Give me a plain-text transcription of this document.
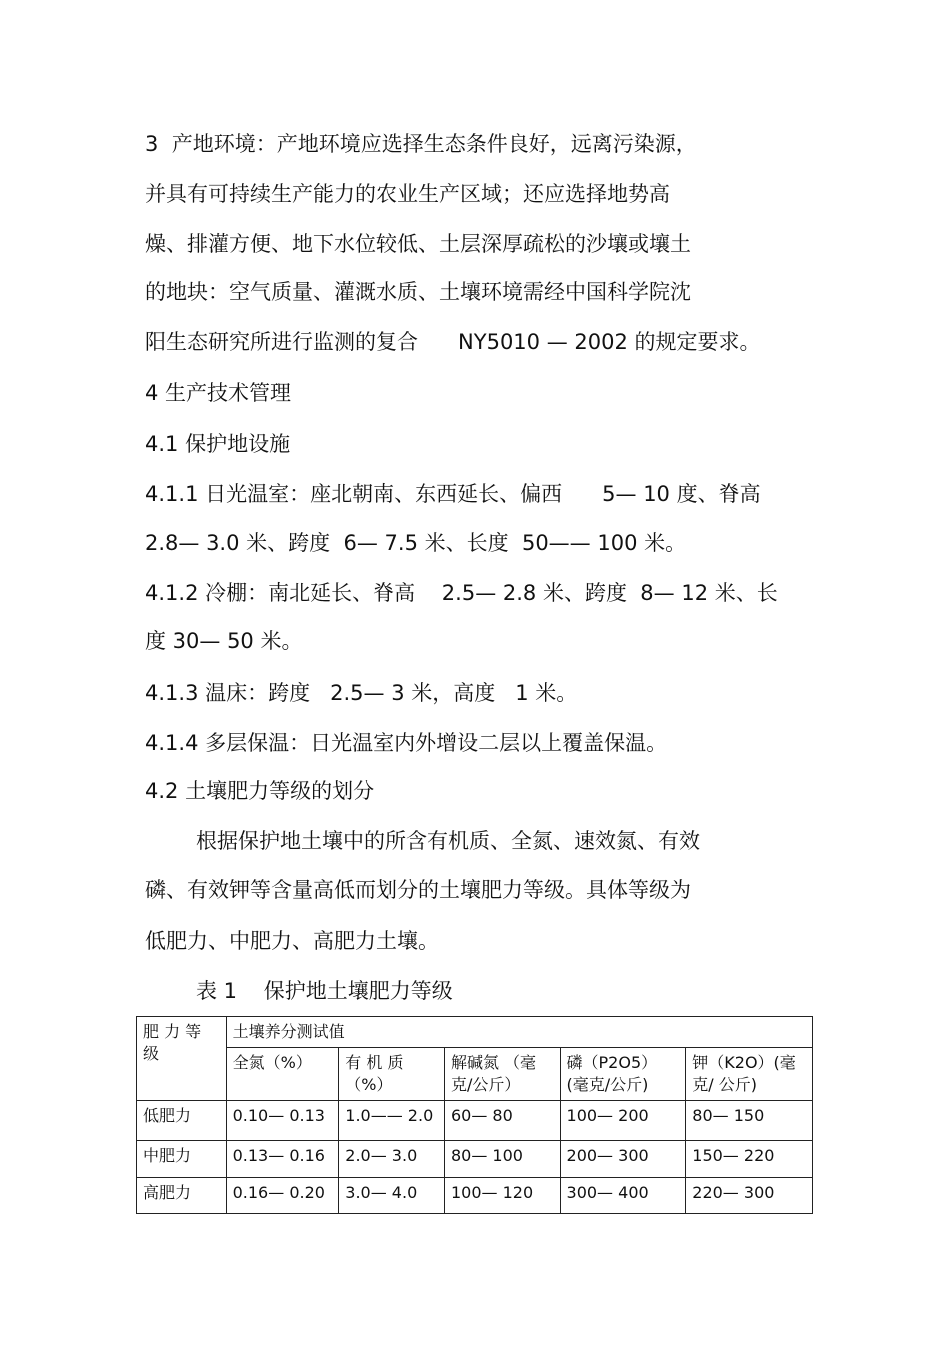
3  产地环境：产地环境应选择生态条件良好，远离污染源，
并具有可持续生产能力的农业生产区域；还应选择地势高
燥、排灌方便、地下水位较低、土层深厚疏松的沙壤或壤土
的地块：空气质量、灌溉水质、土壤环境需经中国科学院沈
阳生态研究所进行监测的复合      NY5010 — 2002 的规定要求。
4 生产技术管理
4.1 保护地设施
4.1.1 日光温室：座北朝南、东西延长、偏西      5— 10 度、脊高
2.8— 3.0 米、跨度  6— 7.5 米、长度  50—— 100 米。
4.1.2 冷棚：南北延长、脊高    2.5— 2.8 米、跨度  8— 12 米、长
度 30— 50 米。
4.1.3 温床：跨度   2.5— 3 米，高度   1 米。
4.1.4 多层保温：日光温室内外增设二层以上覆盖保温。
4.2 土壤肥力等级的划分
根据保护地土壤中的所含有机质、全氮、速效氮、有效
磷、有效钾等含量高低而划分的土壤肥力等级。具体等级为
低肥力、中肥力、高肥力土壤。
表 1    保护地土壤肥力等级
肥 力 等 级	土壤养分测试值				
	全氮（%）	有 机 质（%）	解碱氮 （毫克/公斤）	磷（P2O5）(毫克/公斤)	钾（K2O）(毫克/ 公斤)
低肥力	0.10— 0.13	1.0—— 2.0	60— 80	100— 200	80— 150
中肥力	0.13— 0.16	2.0— 3.0	80— 100	200— 300	150— 220
高肥力	0.16— 0.20	3.0— 4.0	100— 120	300— 400	220— 300
